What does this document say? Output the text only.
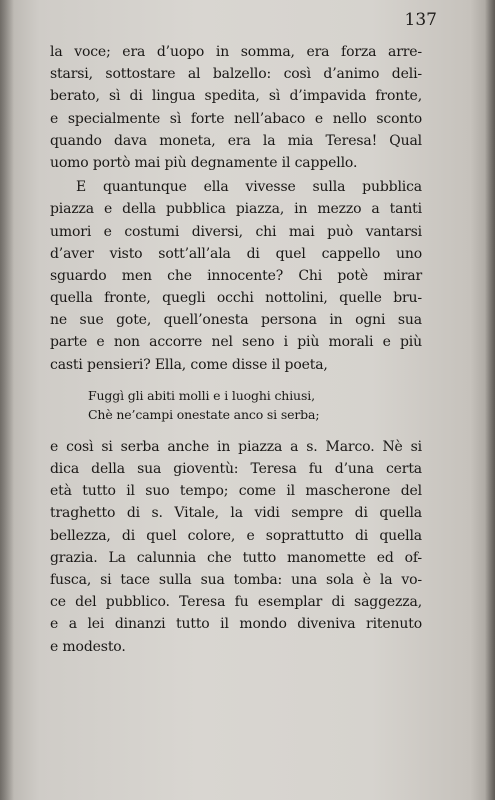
137
la voce; era d’uopo in somma, era forza arre-
starsi, sottostare al balzello: così d’animo deli-
berato, sì di lingua spedita, sì d’impavida fronte,
e specialmente sì forte nell’abaco e nello sconto
quando dava moneta, era la mia Teresa! Qual
uomo portò mai più degnamente il cappello.
E quantunque ella vivesse sulla pubblica
piazza e della pubblica piazza, in mezzo a tanti
umori e costumi diversi, chi mai può vantarsi
d’aver visto sott’all’ala di quel cappello uno
sguardo men che innocente? Chi potè mirar
quella fronte, quegli occhi nottolini, quelle bru-
ne sue gote, quell’onesta persona in ogni sua
parte e non accorre nel seno i più morali e più
casti pensieri? Ella, come disse il poeta,
Fuggì gli abiti molli e i luoghi chiusi,
Chè ne’campi onestate anco si serba;
e così si serba anche in piazza a s. Marco. Nè si
dica della sua gioventù: Teresa fu d’una certa
età tutto il suo tempo; come il mascherone del
traghetto di s. Vitale, la vidi sempre di quella
bellezza, di quel colore, e soprattutto di quella
grazia. La calunnia che tutto manomette ed of-
fusca, si tace sulla sua tomba: una sola è la vo-
ce del pubblico. Teresa fu esemplar di saggezza,
e a lei dinanzi tutto il mondo diveniva ritenuto
e modesto.
